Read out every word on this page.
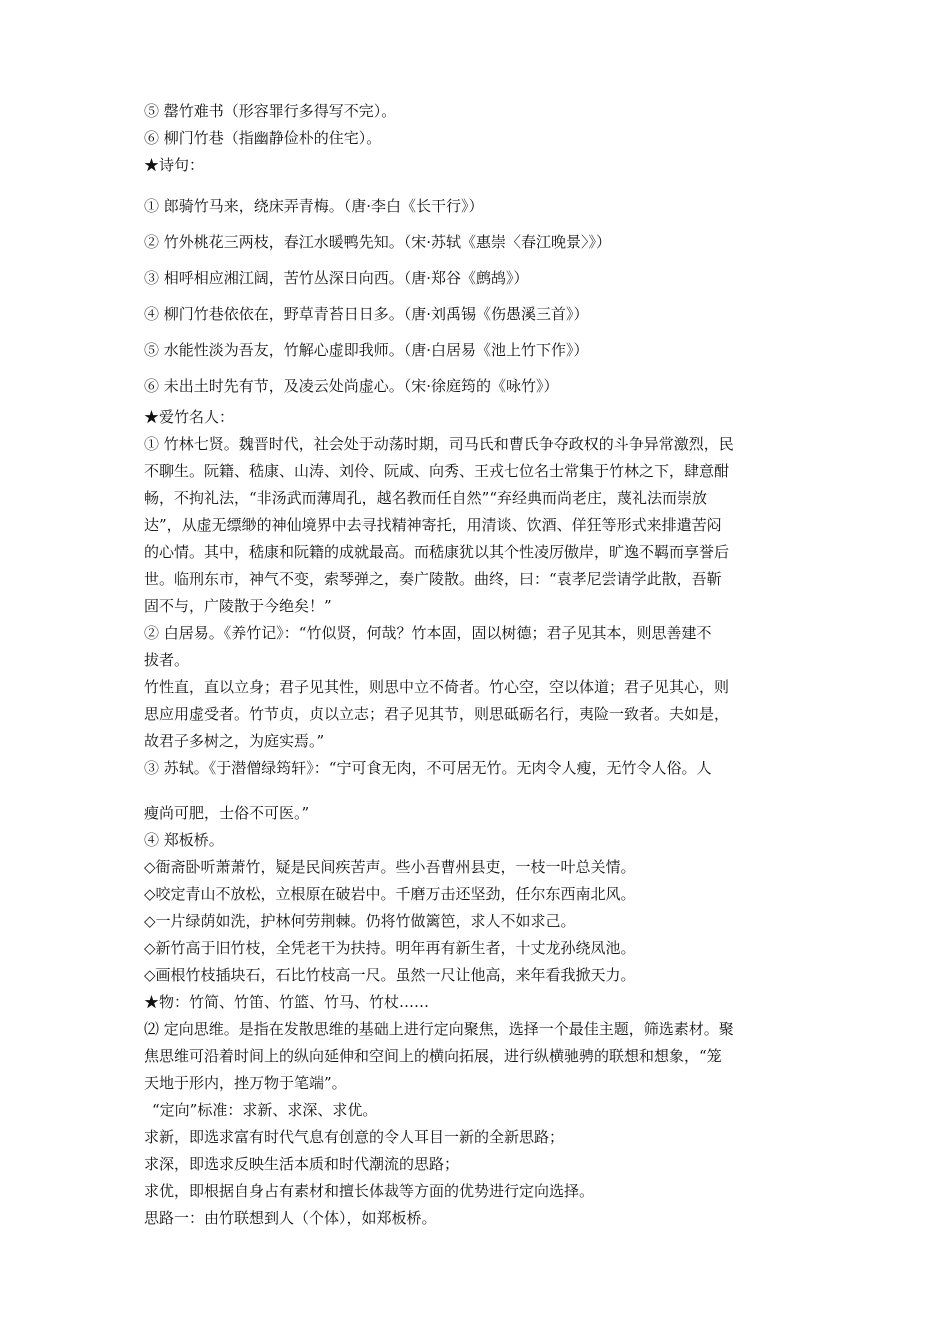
⑤ 罄竹难书（形容罪行多得写不完）。
⑥ 柳门竹巷（指幽静俭朴的住宅）。
★诗句：
① 郎骑竹马来，绕床弄青梅。（唐·李白《长干行》）
② 竹外桃花三两枝，春江水暖鸭先知。（宋·苏轼《惠崇〈春江晚景〉》）
③ 相呼相应湘江阔，苦竹丛深日向西。（唐·郑谷《鹧鸪》）
④ 柳门竹巷依依在，野草青苔日日多。（唐·刘禹锡《伤愚溪三首》）
⑤ 水能性淡为吾友，竹解心虚即我师。（唐·白居易《池上竹下作》）
⑥ 未出土时先有节，及凌云处尚虚心。（宋·徐庭筠的《咏竹》）
★爱竹名人：
① 竹林七贤。魏晋时代，社会处于动荡时期，司马氏和曹氏争夺政权的斗争异常激烈，民
不聊生。阮籍、嵇康、山涛、刘伶、阮咸、向秀、王戎七位名士常集于竹林之下，肆意酣
畅，不拘礼法，“非汤武而薄周孔，越名教而任自然”“弃经典而尚老庄，蔑礼法而崇放
达”，从虚无缥缈的神仙境界中去寻找精神寄托，用清谈、饮酒、佯狂等形式来排遣苦闷
的心情。其中，嵇康和阮籍的成就最高。而嵇康犹以其个性凌厉傲岸，旷逸不羁而享誉后
世。临刑东市，神气不变，索琴弹之，奏广陵散。曲终，曰：“袁孝尼尝请学此散，吾靳
固不与，广陵散于今绝矣！”
② 白居易。《养竹记》：“竹似贤，何哉？竹本固，固以树德；君子见其本，则思善建不
拔者。
竹性直，直以立身；君子见其性，则思中立不倚者。竹心空，空以体道；君子见其心，则
思应用虚受者。竹节贞，贞以立志；君子见其节，则思砥砺名行，夷险一致者。夫如是，
故君子多树之，为庭实焉。”
③ 苏轼。《于潜僧绿筠轩》：“宁可食无肉，不可居无竹。无肉令人瘦，无竹令人俗。人
瘦尚可肥，士俗不可医。”
④ 郑板桥。
◇衙斋卧听萧萧竹，疑是民间疾苦声。些小吾曹州县吏，一枝一叶总关情。
◇咬定青山不放松，立根原在破岩中。千磨万击还坚劲，任尔东西南北风。
◇一片绿荫如洗，护林何劳荆棘。仍将竹做篱笆，求人不如求己。
◇新竹高于旧竹枝，全凭老干为扶持。明年再有新生者，十丈龙孙绕凤池。
◇画根竹枝插块石，石比竹枝高一尺。虽然一尺让他高，来年看我掀天力。
★物：竹简、竹笛、竹篮、竹马、竹杖……
⑵ 定向思维。是指在发散思维的基础上进行定向聚焦，选择一个最佳主题，筛选素材。聚
焦思维可沿着时间上的纵向延伸和空间上的横向拓展，进行纵横驰骋的联想和想象，“笼
天地于形内，挫万物于笔端”。
“定向”标准：求新、求深、求优。
求新，即选求富有时代气息有创意的令人耳目一新的全新思路；
求深，即选求反映生活本质和时代潮流的思路；
求优，即根据自身占有素材和擅长体裁等方面的优势进行定向选择。
思路一：由竹联想到人（个体），如郑板桥。
